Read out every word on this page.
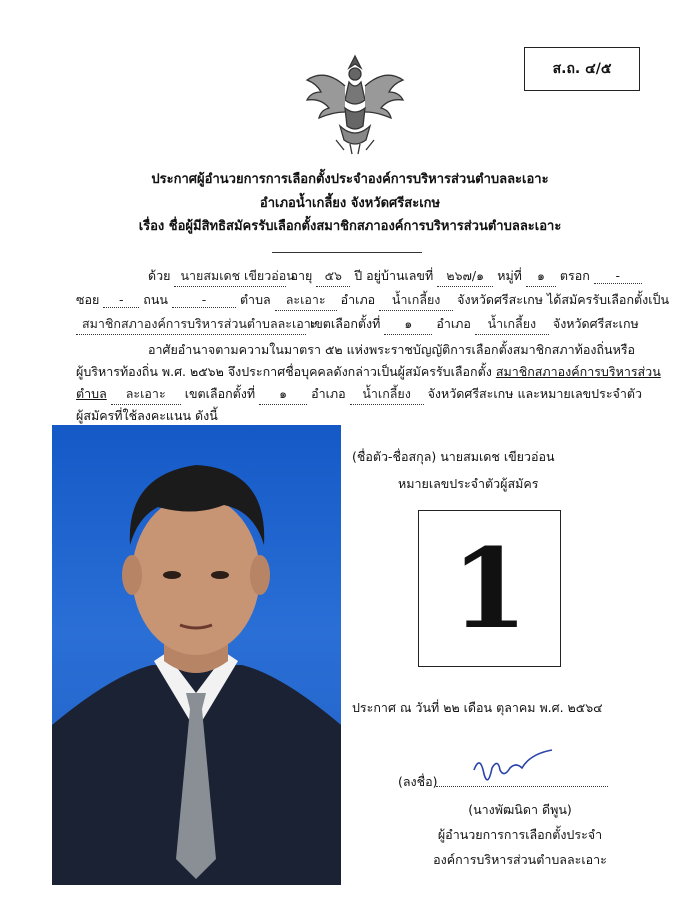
ส.ถ. ๔/๕
ประกาศผู้อำนวยการการเลือกตั้งประจำองค์การบริหารส่วนตำบลละเอาะ
อำเภอน้ำเกลี้ยง จังหวัดศรีสะเกษ
เรื่อง ชื่อผู้มีสิทธิสมัครรับเลือกตั้งสมาชิกสภาองค์การบริหารส่วนตำบลละเอาะ
ด้วย นายสมเดช เขียวอ่อน อายุ ๕๖ ปี อยู่บ้านเลขที่ ๒๖๗/๑ หมู่ที่ ๑ ตรอก -
ซอย - ถนน	-	ตำบล ละเอาะ อำเภอ น้ำเกลี้ยง จังหวัดศรีสะเกษ ได้สมัครรับเลือกตั้งเป็น
สมาชิกสภาองค์การบริหารส่วนตำบลละเอาะ เขตเลือกตั้งที่ ๑ อำเภอ น้ำเกลี้ยง จังหวัดศรีสะเกษ
อาศัยอำนาจตามความในมาตรา ๕๒ แห่งพระราชบัญญัติการเลือกตั้งสมาชิกสภาท้องถิ่นหรือ
ผู้บริหารท้องถิ่น พ.ศ. ๒๕๖๒ จึงประกาศชื่อบุคคลดังกล่าวเป็นผู้สมัครรับเลือกตั้ง สมาชิกสภาองค์การบริหารส่วน
ตำบล ละเอาะ เขตเลือกตั้งที่ ๑ อำเภอ น้ำเกลี้ยง จังหวัดศรีสะเกษ และหมายเลขประจำตัว
ผู้สมัครที่ใช้ลงคะแนน ดังนี้
(ชื่อตัว-ชื่อสกุล) นายสมเดช เขียวอ่อน
หมายเลขประจำตัวผู้สมัคร
1
ประกาศ ณ วันที่ ๒๒ เดือน ตุลาคม พ.ศ. ๒๕๖๔
(ลงชื่อ)
(นางพัฒนิดา ดีพูน)
ผู้อำนวยการการเลือกตั้งประจำ
องค์การบริหารส่วนตำบลละเอาะ
